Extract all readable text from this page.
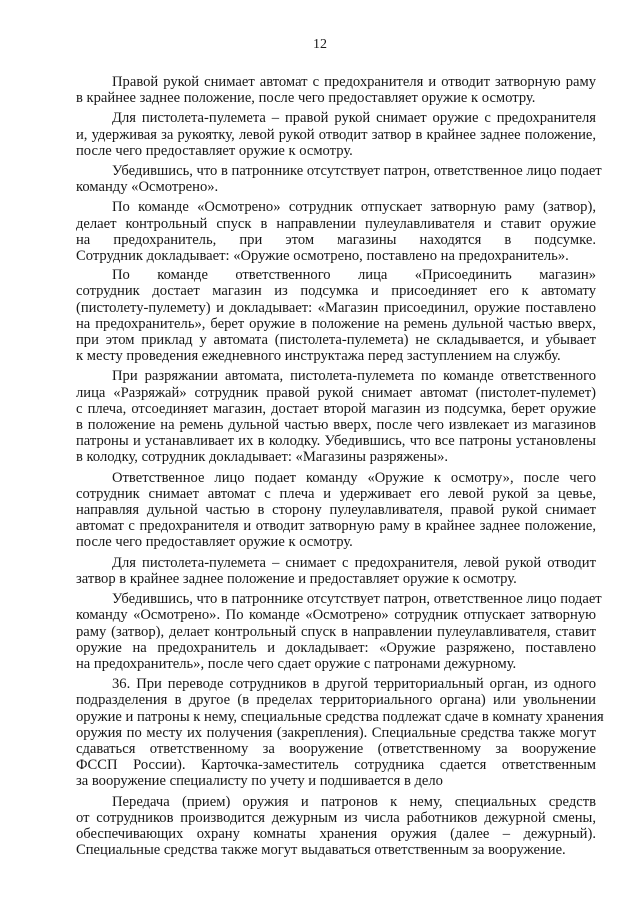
12
Правой рукой снимает автомат с предохранителя и отводит затворную раму
в крайнее заднее положение, после чего предоставляет оружие к осмотру.
Для пистолета-пулемета – правой рукой снимает оружие с предохранителя
и, удерживая за рукоятку, левой рукой отводит затвор в крайнее заднее положение,
после чего предоставляет оружие к осмотру.
Убедившись, что в патроннике отсутствует патрон, ответственное лицо подает
команду «Осмотрено».
По команде «Осмотрено» сотрудник отпускает затворную раму (затвор),
делает контрольный спуск в направлении пулеулавливателя и ставит оружие
на предохранитель, при этом магазины находятся в подсумке.
Сотрудник докладывает: «Оружие осмотрено, поставлено на предохранитель».
По команде ответственного лица «Присоединить магазин»
сотрудник достает магазин из подсумка и присоединяет его к автомату
(пистолету-пулемету) и докладывает: «Магазин присоединил, оружие поставлено
на предохранитель», берет оружие в положение на ремень дульной частью вверх,
при этом приклад у автомата (пистолета-пулемета) не складывается, и убывает
к месту проведения ежедневного инструктажа перед заступлением на службу.
При разряжании автомата, пистолета-пулемета по команде ответственного
лица «Разряжай» сотрудник правой рукой снимает автомат (пистолет-пулемет)
с плеча, отсоединяет магазин, достает второй магазин из подсумка, берет оружие
в положение на ремень дульной частью вверх, после чего извлекает из магазинов
патроны и устанавливает их в колодку. Убедившись, что все патроны установлены
в колодку, сотрудник докладывает: «Магазины разряжены».
Ответственное лицо подает команду «Оружие к осмотру», после чего
сотрудник снимает автомат с плеча и удерживает его левой рукой за цевье,
направляя дульной частью в сторону пулеулавливателя, правой рукой снимает
автомат с предохранителя и отводит затворную раму в крайнее заднее положение,
после чего предоставляет оружие к осмотру.
Для пистолета-пулемета – снимает с предохранителя, левой рукой отводит
затвор в крайнее заднее положение и предоставляет оружие к осмотру.
Убедившись, что в патроннике отсутствует патрон, ответственное лицо подает
команду «Осмотрено». По команде «Осмотрено» сотрудник отпускает затворную
раму (затвор), делает контрольный спуск в направлении пулеулавливателя, ставит
оружие на предохранитель и докладывает: «Оружие разряжено, поставлено
на предохранитель», после чего сдает оружие с патронами дежурному.
36. При переводе сотрудников в другой территориальный орган, из одного
подразделения в другое (в пределах территориального органа) или увольнении
оружие и патроны к нему, специальные средства подлежат сдаче в комнату хранения
оружия по месту их получения (закрепления). Специальные средства также могут
сдаваться ответственному за вооружение (ответственному за вооружение
ФССП России). Карточка-заместитель сотрудника сдается ответственным
за вооружение специалисту по учету и подшивается в дело
Передача (прием) оружия и патронов к нему, специальных средств
от сотрудников производится дежурным из числа работников дежурной смены,
обеспечивающих охрану комнаты хранения оружия (далее – дежурный).
Специальные средства также могут выдаваться ответственным за вооружение.
